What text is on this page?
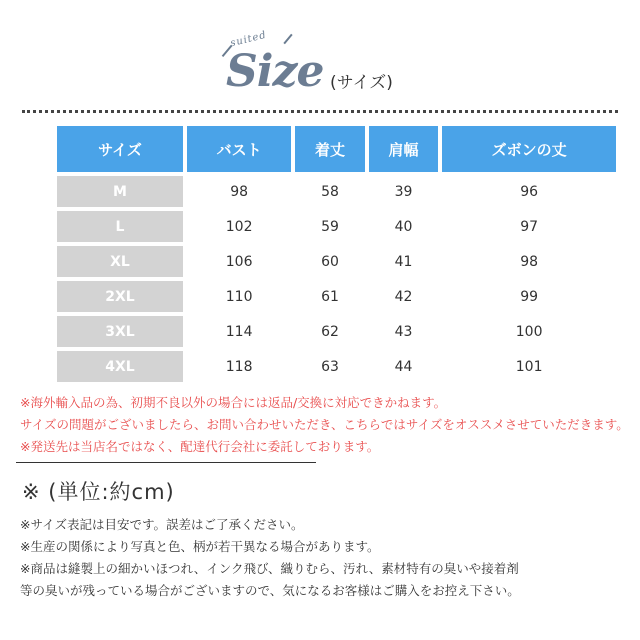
suited
Size (サイズ)
サイズ	バスト	着丈	肩幅	ズボンの丈
M	98	58	39	96
L	102	59	40	97
XL	106	60	41	98
2XL	110	61	42	99
3XL	114	62	43	100
4XL	118	63	44	101
※海外輸入品の為、初期不良以外の場合には返品/交換に対応できかねます。
サイズの問題がございましたら、お問い合わせいただき、こちらではサイズをオススメさせていただきます。
※発送先は当店名ではなく、配達代行会社に委託しております。
※ (単位:約cm)
※サイズ表記は目安です。誤差はご了承ください。
※生産の関係により写真と色、柄が若干異なる場合があります。
※商品は縫製上の細かいほつれ、インク飛び、織りむら、汚れ、素材特有の臭いや接着剤
等の臭いが残っている場合がございますので、気になるお客様はご購入をお控え下さい。
